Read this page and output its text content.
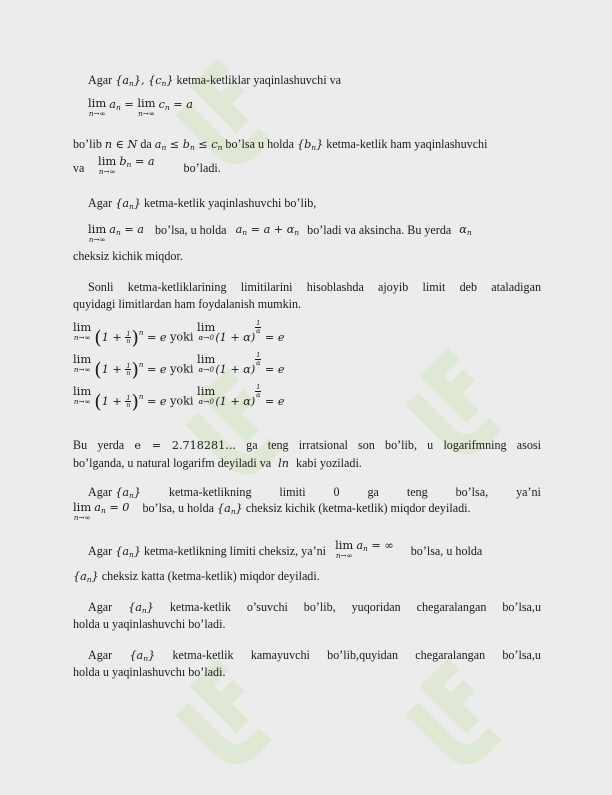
Agar $\{a_n\}$, $\{c_n\}$ ketma-ketliklar yaqinlashuvchi va
lim
n→∞
$a_n = \lim$
n→∞
$c_n = a$
bo’lib n ∈ N da $a_n \le b_n \le c_n$ bo’lsa u holda $\{b_n\}$ ketma-ketlik ham yaqinlashuvchi
va lim
n→∞
$b_n = a$ bo’ladi.
Agar $\{a_n\}$ ketma-ketlik yaqinlashuvchi bo’lib,
lim
n→∞
$a_n = a$ bo’lsa, u holda $a_n = a + \alpha_n$ bo’ladi va aksincha. Bu yerda $\alpha_n$
cheksiz kichik miqdor.
Sonli ketma-ketliklarining limitilarini hisoblashda ajoyib limit deb ataladigan
quyidagi limitlardan ham foydalanish mumkin.
lim
n→∞ $(1 + \frac{1}{n} )^n = e$ yoki
lim
α→0 (1 + α)
$\frac{1}{\alpha}$
= e
lim
n→∞ $(1 + \frac{1}{n} )^n = e$ yoki
lim
α→0 (1 + α)
$\frac{1}{\alpha}$
= e
lim
n→∞ $(1 + \frac{1}{n} )^n = e$ yoki
lim
α→0 (1 + α)
$\frac{1}{\alpha}$
= e
Bu yerda e = 2.718281... ga teng irratsional son bo’lib, u logarifmning asosi
bo’lganda, u natural logarifm deyiladi va ln kabi yoziladi.
Agar $\{a_n\}$ ketma-ketlikning limiti 0 ga teng bo’lsa, ya’ni
lim
n→∞
$a_n = 0$ bo’lsa, u holda $\{a_n\}$ cheksiz kichik (ketma-ketlik) miqdor deyiladi.
Agar $\{a_n\}$ ketma-ketlikning limiti cheksiz, ya’ni lim
n→∞
$a_n$ = ∞ bo’lsa, u holda
$\{a_n\}$ cheksiz katta (ketma-ketlik) miqdor deyiladi.
Agar $\{a_n\}$ ketma-ketlik o’suvchi bo’lib, yuqoridan chegaralangan bo’lsa,u
holda u yaqinlashuvchi bo’ladi.
Agar $\{a_n\}$ ketma-ketlik kamayuvchi bo’lib,quyidan chegaralangan bo’lsa,u
holda u yaqinlashuvchı bo’ladi.
